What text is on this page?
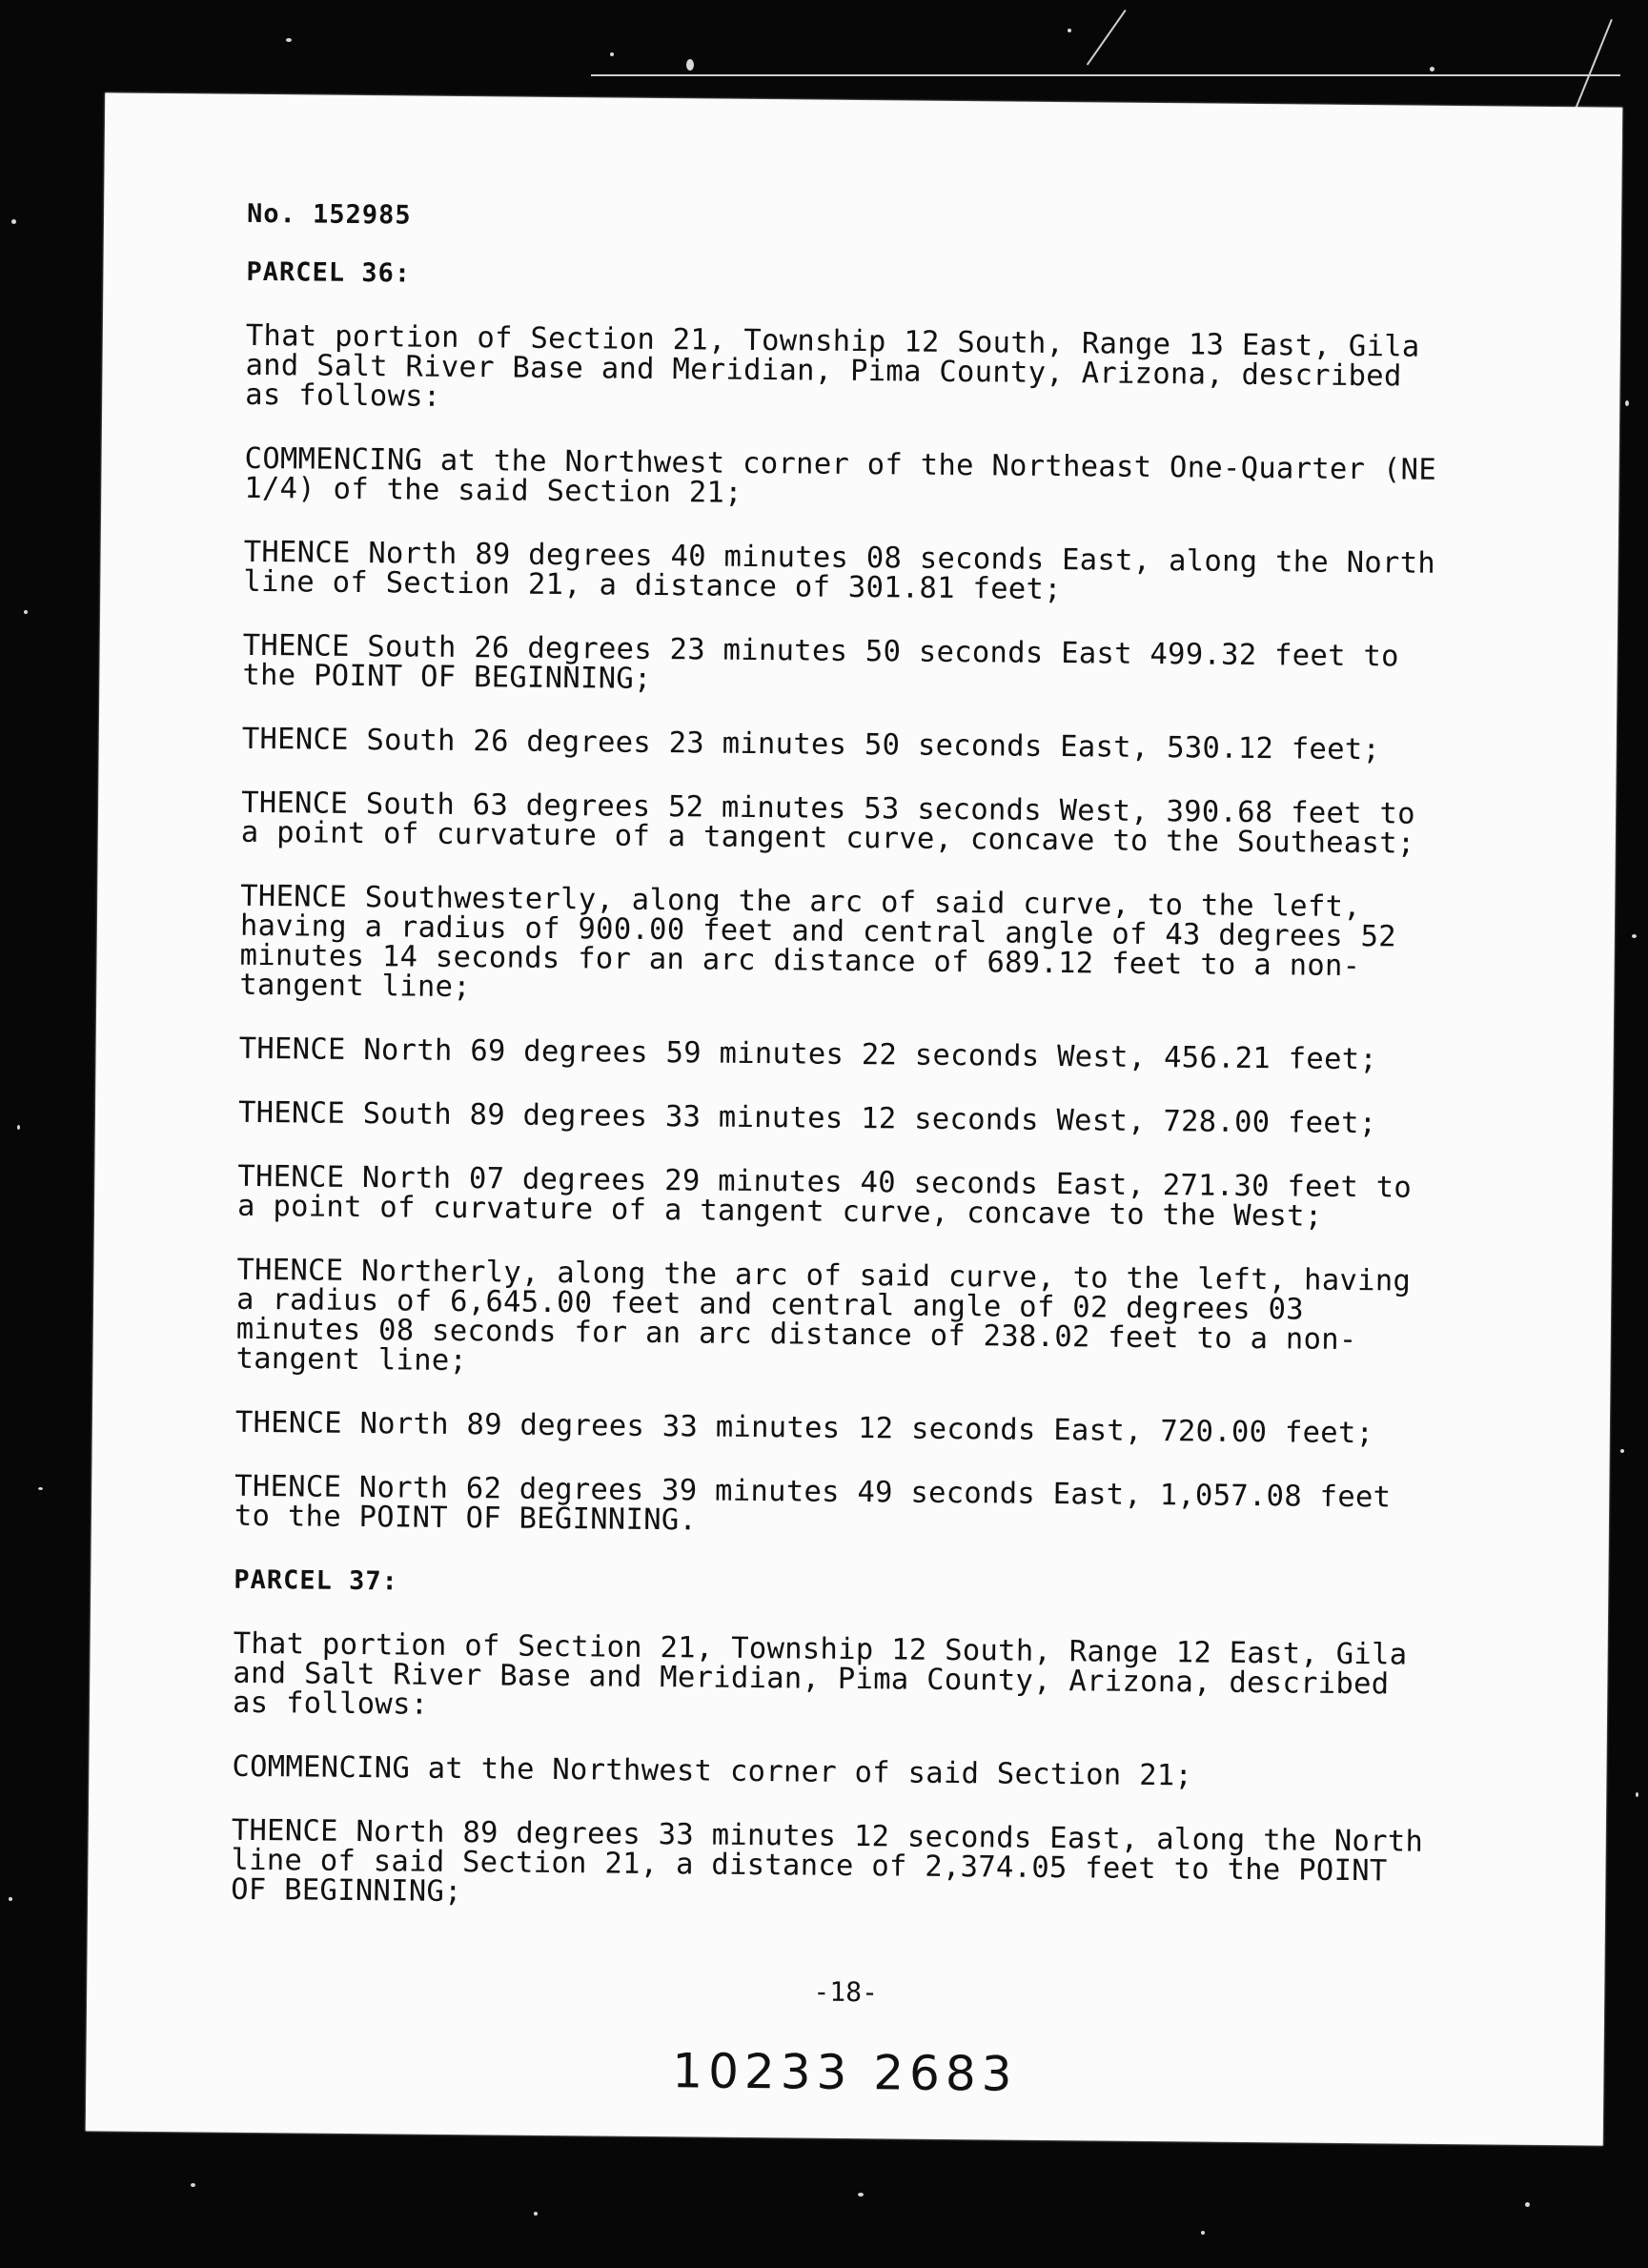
No. 152985

PARCEL 36:

That portion of Section 21, Township 12 South, Range 13 East, Gila
and Salt River Base and Meridian, Pima County, Arizona, described
as follows:

COMMENCING at the Northwest corner of the Northeast One-Quarter (NE
1/4) of the said Section 21;

THENCE North 89 degrees 40 minutes 08 seconds East, along the North
line of Section 21, a distance of 301.81 feet;

THENCE South 26 degrees 23 minutes 50 seconds East 499.32 feet to
the POINT OF BEGINNING;

THENCE South 26 degrees 23 minutes 50 seconds East, 530.12 feet;

THENCE South 63 degrees 52 minutes 53 seconds West, 390.68 feet to
a point of curvature of a tangent curve, concave to the Southeast;

THENCE Southwesterly, along the arc of said curve, to the left,
having a radius of 900.00 feet and central angle of 43 degrees 52
minutes 14 seconds for an arc distance of 689.12 feet to a non-
tangent line;

THENCE North 69 degrees 59 minutes 22 seconds West, 456.21 feet;

THENCE South 89 degrees 33 minutes 12 seconds West, 728.00 feet;

THENCE North 07 degrees 29 minutes 40 seconds East, 271.30 feet to
a point of curvature of a tangent curve, concave to the West;

THENCE Northerly, along the arc of said curve, to the left, having
a radius of 6,645.00 feet and central angle of 02 degrees 03
minutes 08 seconds for an arc distance of 238.02 feet to a non-
tangent line;

THENCE North 89 degrees 33 minutes 12 seconds East, 720.00 feet;

THENCE North 62 degrees 39 minutes 49 seconds East, 1,057.08 feet
to the POINT OF BEGINNING.

PARCEL 37:

That portion of Section 21, Township 12 South, Range 12 East, Gila
and Salt River Base and Meridian, Pima County, Arizona, described
as follows:

COMMENCING at the Northwest corner of said Section 21;

THENCE North 89 degrees 33 minutes 12 seconds East, along the North
line of said Section 21, a distance of 2,374.05 feet to the POINT
OF BEGINNING;

-18-
10233 2683
